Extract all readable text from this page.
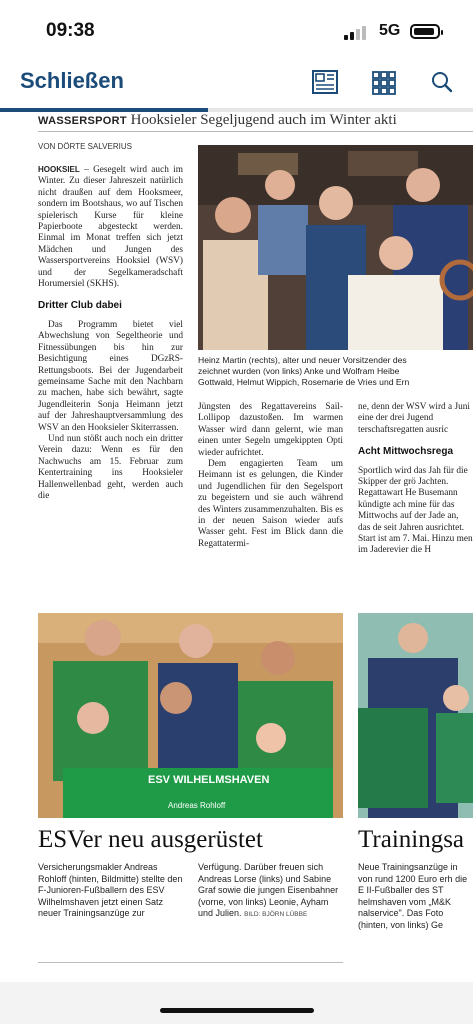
09:38	5G
Schließen
WASSERSPORT Hooksieler Segeljugend auch im Winter akti
VON DÖRTE SALVERIUS

HOOKSIEL – Gesegelt wird auch im Winter. Zu dieser Jahreszeit natürlich nicht draußen auf dem Hooksmeer, sondern im Bootshaus, wo auf Tischen spielerisch Kurse für kleine Papierboote abgesteckt werden. Einmal im Monat treffen sich jetzt Mädchen und Jungen des Wassersportvereins Hooksiel (WSV) und der Segelkameradschaft Horumersiel (SKHS).

Dritter Club dabei

Das Programm bietet viel Abwechslung von Segeltheorie und Fitnessübungen bis hin zur Besichtigung eines DGzRS-Rettungsboots. Bei der Jugendarbeit gemeinsame Sache mit den Nachbarn zu machen, habe sich bewährt, sagte Jugendleiterin Sonja Heimann jetzt auf der Jahreshauptversammlung des WSV an den Hooksieler Skiterrassen.

Und nun stößt auch noch ein dritter Verein dazu: Wenn es für den Nachwuchs am 15. Februar zum Kentertraining ins Hooksieler Hallenwellenbad geht, werden auch die

Heinz Martin (rechts), alter und neuer Vorsitzender des
zeichnet wurden (von links) Anke und Wolfram Heibe
Gottwald, Helmut Wippich, Rosemarie de Vries und Ern

Jüngsten des Regattavereins Sail-Lollipop dazustoßen. Im warmen Wasser wird dann gelernt, wie man einen unter Segeln umgekippten Opti wieder aufrichtet.

Dem engagierten Team um Heimann ist es gelungen, die Kinder und Jugendlichen für den Segelsport zu begeistern und sie auch während des Winters zusammenzuhalten. Bis es in der neuen Saison wieder aufs Wasser geht. Fest im Blick dann die Regattatermi-

ne, denn der WSV wird a Juni eine der drei Jugend terschaftsregatten ausric

Acht Mittwochsrega

Sportlich wird das Jah für die Skipper der grö Jachten. Regattawart He Busemann kündigte ach mine für das Mittwochs auf der Jade an, das de seit Jahren ausrichtet. Start ist am 7. Mai. Hinzu men im Jaderevier die H

ESV WILHELMSHAVEN
Andreas Rohloff
ESVer neu ausgerüstet
Versicherungsmakler Andreas Rohloff (hinten, Bildmitte) stellte den F-Junioren-Fußballern des ESV Wilhelmshaven jetzt einen Satz neuer Trainingsanzüge zur
Verfügung. Darüber freuen sich Andreas Lorse (links) und Sabine Graf sowie die jungen Eisenbahner (vorne, von links) Leonie, Ayham und Julien. BILD: BJÖRN LÜBBE
Trainingsa
Neue Trainingsanzüge in von rund 1200 Euro erh die E II-Fußballer des ST helmshaven vom „M&K nalservice". Das Foto (hinten, von links) Ge
